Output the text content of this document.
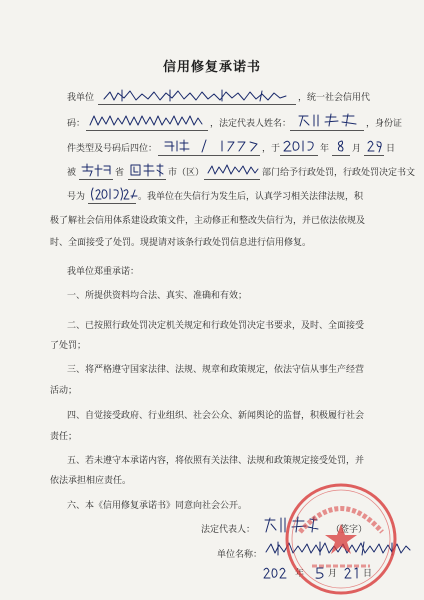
信用修复承诺书
我单位	，统一社会信用代
码：	，法定代表人姓名：	，身份证
件类型及号码后四位：	，于	年	月	日
被	省	市（区）	部门给予行政处罚，行政处罚决定书文
号为	。我单位在失信行为发生后，认真学习相关法律法规，积
极了解社会信用体系建设政策文件，主动修正和整改失信行为，并已依法依规及
时、全面接受了处罚。现提请对该条行政处罚信息进行信用修复。
我单位郑重承诺：
一、所提供资料均合法、真实、准确和有效；
二、已按照行政处罚决定机关规定和行政处罚决定书要求，及时、全面接受
了处罚；
三、将严格遵守国家法律、法规、规章和政策规定，依法守信从事生产经营
活动；
四、自觉接受政府、行业组织、社会公众、新闻舆论的监督，积极履行社会
责任；
五、若未遵守本承诺内容，将依照有关法律、法规和政策规定接受处罚，并
依法承担相应责任。
六、本《信用修复承诺书》同意向社会公开。
法定代表人：	（签字）
单位名称：
年	月	日
